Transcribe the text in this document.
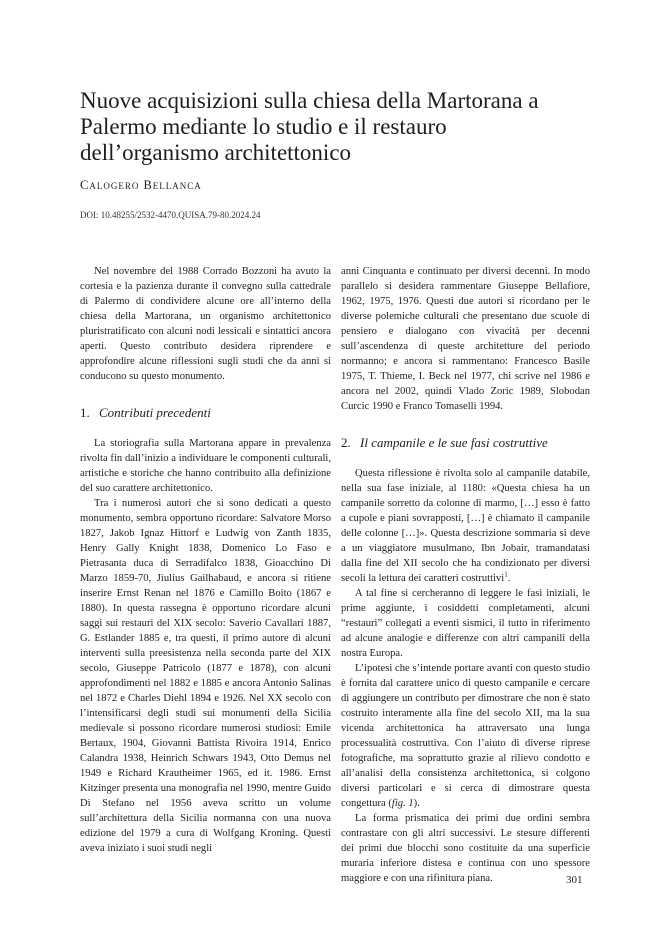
Nuove acquisizioni sulla chiesa della Martorana a Palermo mediante lo studio e il restauro dell’organismo architettonico
Calogero Bellanca
DOI: 10.48255/2532-4470.QUISA.79-80.2024.24

Nel novembre del 1988 Corrado Bozzoni ha avuto la cortesia e la pazienza durante il convegno sulla cattedrale di Palermo di condividere alcune ore all’interno della chiesa della Martorana, un organismo architettonico pluristratificato con alcuni nodi lessicali e sintattici ancora aperti. Questo contributo desidera riprendere e approfondire alcune riflessioni sugli studi che da anni si conducono su questo monumento.

1. Contributi precedenti

La storiografia sulla Martorana appare in prevalenza rivolta fin dall’inizio a individuare le componenti culturali, artistiche e storiche che hanno contribuito alla definizione del suo carattere architettonico.

Tra i numerosi autori che si sono dedicati a questo monumento, sembra opportuno ricordare: Salvatore Morso 1827, Jakob Ignaz Hittorf e Ludwig von Zanth 1835, Henry Gally Knight 1838, Domenico Lo Faso e Pietrasanta duca di Serradifalco 1838, Gioacchino Di Marzo 1859-70, Jiulius Gailhabaud, e ancora si ritiene inserire Ernst Renan nel 1876 e Camillo Boito (1867 e 1880). In questa rassegna è opportuno ricordare alcuni saggi sui restauri del XIX secolo: Saverio Cavallari 1887, G. Estlander 1885 e, tra questi, il primo autore di alcuni interventi sulla preesistenza nella seconda parte del XIX secolo, Giuseppe Patricolo (1877 e 1878), con alcuni approfondimenti nel 1882 e 1885 e ancora Antonio Salinas nel 1872 e Charles Diehl 1894 e 1926. Nel XX secolo con l’intensificarsi degli studi sui monumenti della Sicilia medievale si possono ricordare numerosi studiosi: Emile Bertaux, 1904, Giovanni Battista Rivoira 1914, Enrico Calandra 1938, Heinrich Schwars 1943, Otto Demus nel 1949 e Richard Krautheimer 1965, ed it. 1986. Ernst Kitzinger presenta una monografia nel 1990, mentre Guido Di Stefano nel 1956 aveva scritto un volume sull’architettura della Sicilia normanna con una nuova edizione del 1979 a cura di Wolfgang Kroning. Questi aveva iniziato i suoi studi negli

anni Cinquanta e continuato per diversi decenni. In modo parallelo si desidera rammentare Giuseppe Bellafiore, 1962, 1975, 1976. Questi due autori si ricordano per le diverse polemiche culturali che presentano due scuole di pensiero e dialogano con vivacità per decenni sull’ascendenza di queste architetture del periodo normanno; e ancora si rammentano: Francesco Basile 1975, T. Thieme, I. Beck nel 1977, chi scrive nel 1986 e ancora nel 2002, quindi Vlado Zoric 1989, Slobodan Curcic 1990 e Franco Tomaselli 1994.

2. Il campanile e le sue fasi costruttive

Questa riflessione è rivolta solo al campanile databile, nella sua fase iniziale, al 1180: «Questa chiesa ha un campanile sorretto da colonne di marmo, […] esso è fatto a cupole e piani sovrapposti, […] è chiamato il campanile delle colonne […]». Questa descrizione sommaria si deve a un viaggiatore musulmano, Ibn Jobair, tramandatasi dalla fine del XII secolo che ha condizionato per diversi secoli la lettura dei caratteri costruttivi$^1$.

A tal fine si cercheranno di leggere le fasi iniziali, le prime aggiunte, i cosiddetti completamenti, alcuni “restauri” collegati a eventi sismici, il tutto in riferimento ad alcune analogie e differenze con altri campanili della nostra Europa.

L’ipotesi che s’intende portare avanti con questo studio è fornita dal carattere unico di questo campanile e cercare di aggiungere un contributo per dimostrare che non è stato costruito interamente alla fine del secolo XII, ma la sua vicenda architettonica ha attraversato una lunga processualità costruttiva. Con l’aiuto di diverse riprese fotografiche, ma soprattutto grazie al rilievo condotto e all’analisi della consistenza architettonica, si colgono diversi particolari e si cerca di dimostrare questa congettura (fig. 1).

La forma prismatica dei primi due ordini sembra contrastare con gli altri successivi. Le stesure differenti dei primi due blocchi sono costituite da una superficie muraria inferiore distesa e continua con uno spessore maggiore e con una rifinitura piana.	301
